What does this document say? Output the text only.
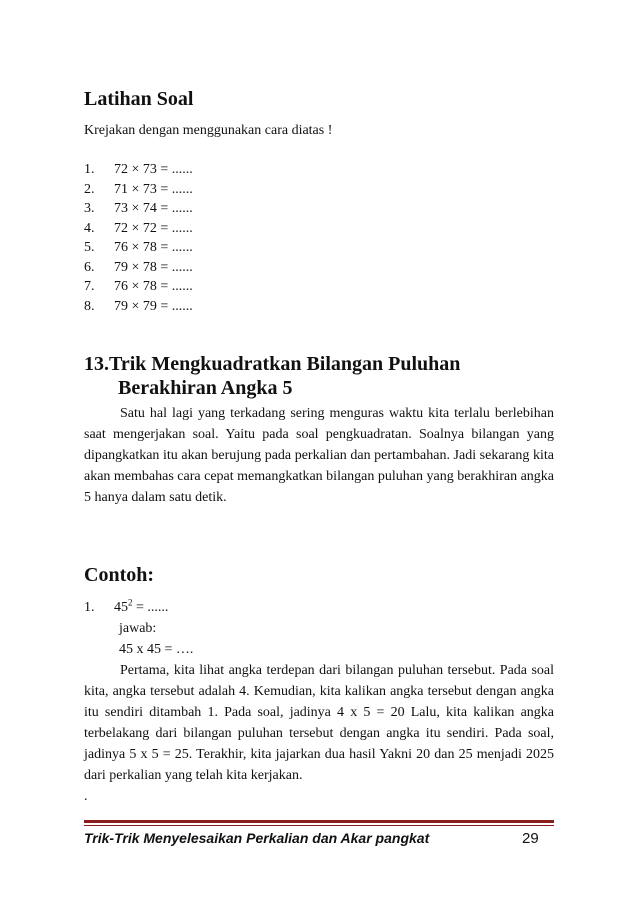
Latihan Soal
Krejakan dengan menggunakan cara diatas !
1. 72 × 73 = ......
2. 71 × 73 = ......
3. 73 × 74 = ......
4. 72 × 72 = ......
5. 76 × 78 = ......
6. 79 × 78 = ......
7. 76 × 78 = ......
8. 79 × 79 = ......
13.Trik Mengkuadratkan Bilangan Puluhan
Berakhiran Angka 5

Satu hal lagi yang terkadang sering menguras waktu kita terlalu berlebihan saat mengerjakan soal. Yaitu pada soal pengkuadratan. Soalnya bilangan yang dipangkatkan itu akan berujung pada perkalian dan pertambahan. Jadi sekarang kita akan membahas cara cepat memangkatkan bilangan puluhan yang berakhiran angka 5 hanya dalam satu detik.

Contoh:
1. $45^2$ = ......
jawab:
45 x 45 = ….

Pertama, kita lihat angka terdepan dari bilangan puluhan tersebut. Pada soal kita, angka tersebut adalah 4. Kemudian, kita kalikan angka tersebut dengan angka itu sendiri ditambah 1. Pada soal, jadinya 4 x 5 = 20 Lalu, kita kalikan angka terbelakang dari bilangan puluhan tersebut dengan angka itu sendiri. Pada soal, jadinya 5 x 5 = 25. Terakhir, kita jajarkan dua hasil Yakni 20 dan 25 menjadi 2025 dari perkalian yang telah kita kerjakan.

.
Trik-Trik Menyelesaikan Perkalian dan Akar pangkat	29
